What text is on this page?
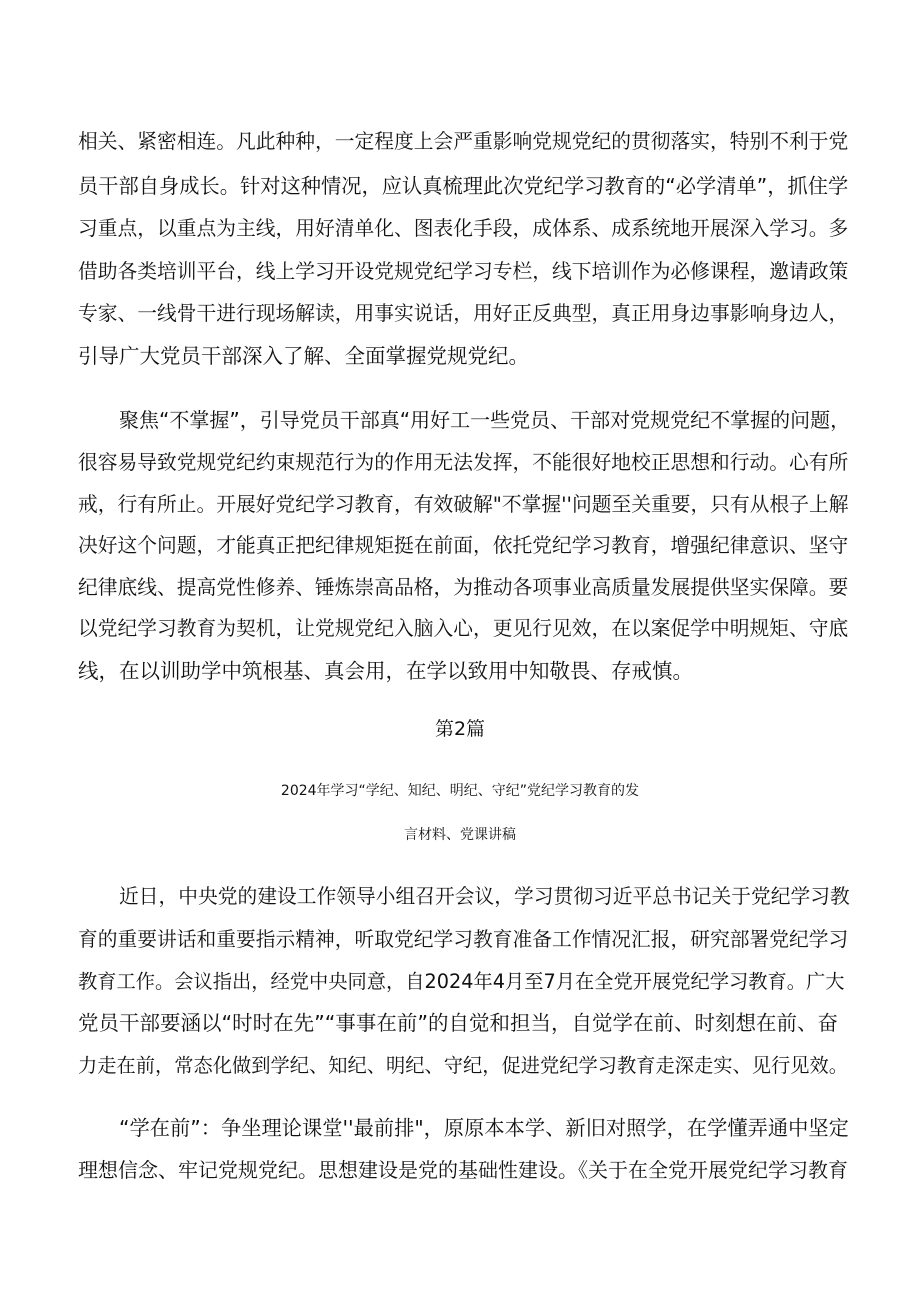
相关、紧密相连。凡此种种，一定程度上会严重影响党规党纪的贯彻落实，特别不利于党
员干部自身成长。针对这种情况，应认真梳理此次党纪学习教育的“必学清单”，抓住学
习重点，以重点为主线，用好清单化、图表化手段，成体系、成系统地开展深入学习。多
借助各类培训平台，线上学习开设党规党纪学习专栏，线下培训作为必修课程，邀请政策
专家、一线骨干进行现场解读，用事实说话，用好正反典型，真正用身边事影响身边人，
引导广大党员干部深入了解、全面掌握党规党纪。
聚焦“不掌握”，引导党员干部真“用好工一些党员、干部对党规党纪不掌握的问题，
很容易导致党规党纪约束规范行为的作用无法发挥，不能很好地校正思想和行动。心有所
戒，行有所止。开展好党纪学习教育，有效破解"不掌握''问题至关重要，只有从根子上解
决好这个问题，才能真正把纪律规矩挺在前面，依托党纪学习教育，增强纪律意识、坚守
纪律底线、提高党性修养、锤炼崇高品格，为推动各项事业高质量发展提供坚实保障。要
以党纪学习教育为契机，让党规党纪入脑入心，更见行见效，在以案促学中明规矩、守底
线，在以训助学中筑根基、真会用，在学以致用中知敬畏、存戒慎。
第2篇
2024年学习“学纪、知纪、明纪、守纪”党纪学习教育的发
言材料、党课讲稿
近日，中央党的建设工作领导小组召开会议，学习贯彻习近平总书记关于党纪学习教
育的重要讲话和重要指示精神，听取党纪学习教育准备工作情况汇报，研究部署党纪学习
教育工作。会议指出，经党中央同意，自2024年4月至7月在全党开展党纪学习教育。广大
党员干部要涵以“时时在先”“事事在前”的自觉和担当，自觉学在前、时刻想在前、奋
力走在前，常态化做到学纪、知纪、明纪、守纪，促进党纪学习教育走深走实、见行见效。
“学在前”：争坐理论课堂''最前排"，原原本本学、新旧对照学，在学懂弄通中坚定
理想信念、牢记党规党纪。思想建设是党的基础性建设。《关于在全党开展党纪学习教育
